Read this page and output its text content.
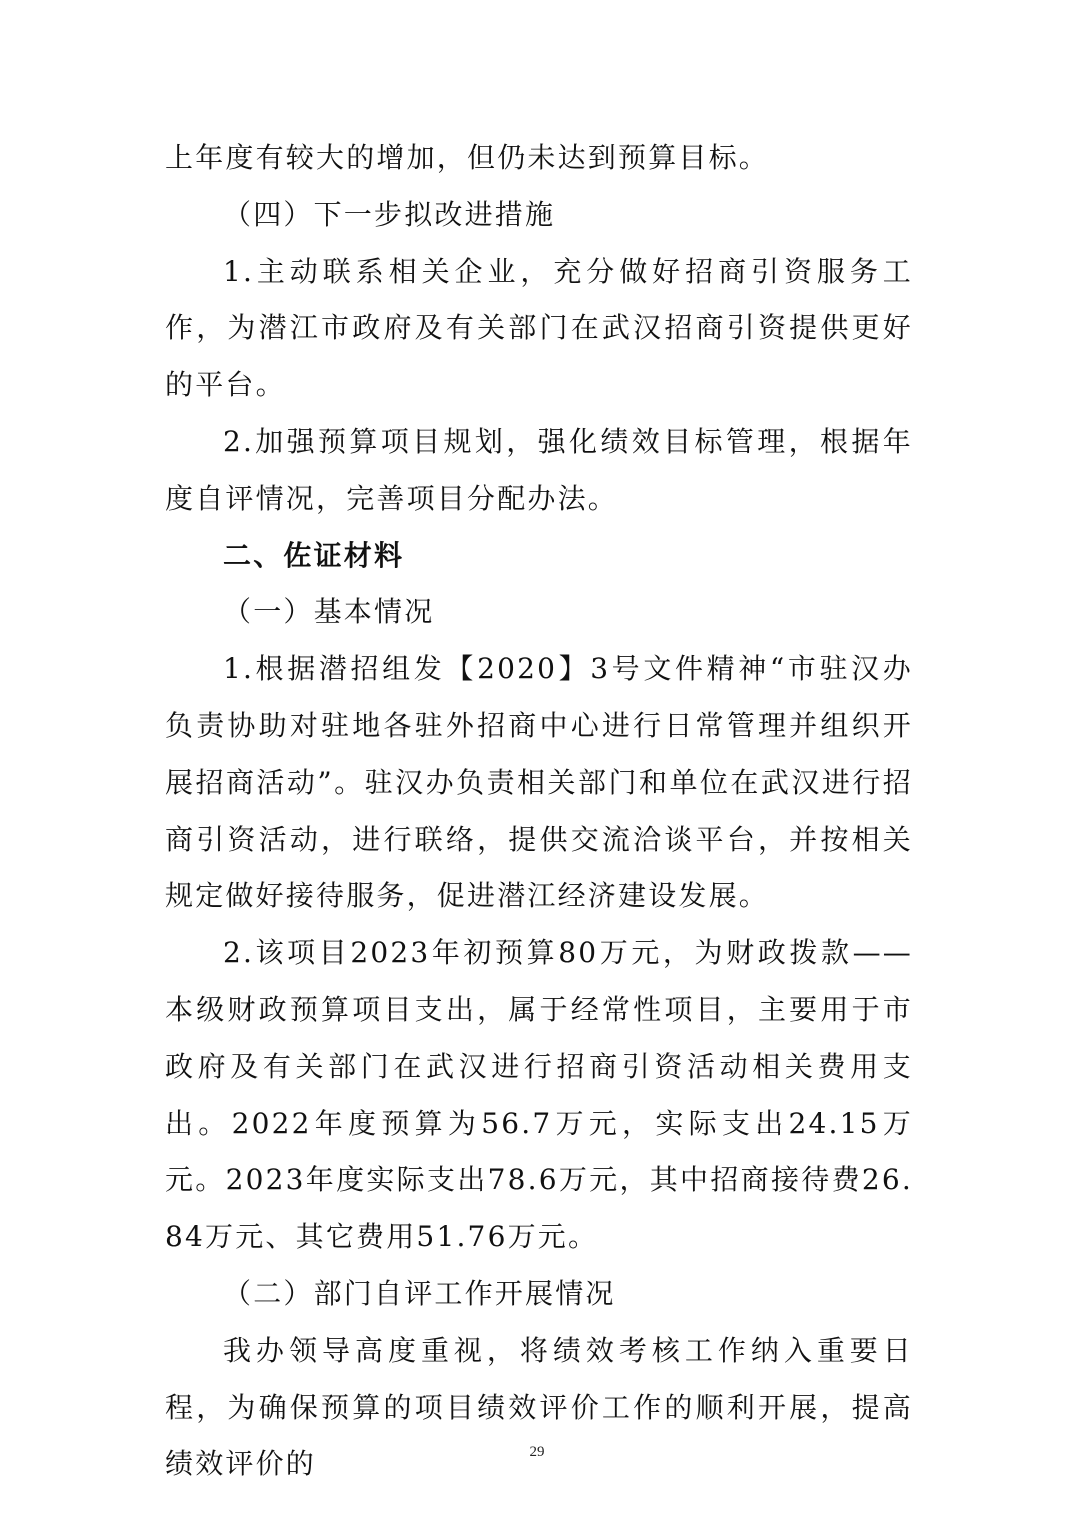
上年度有较大的增加，但仍未达到预算目标。

（四）下一步拟改进措施

1.主动联系相关企业，充分做好招商引资服务工作，为潜江市政府及有关部门在武汉招商引资提供更好的平台。

2.加强预算项目规划，强化绩效目标管理，根据年度自评情况，完善项目分配办法。

二、佐证材料

（一）基本情况

1.根据潜招组发【2020】3号文件精神“市驻汉办负责协助对驻地各驻外招商中心进行日常管理并组织开展招商活动”。驻汉办负责相关部门和单位在武汉进行招商引资活动，进行联络，提供交流洽谈平台，并按相关规定做好接待服务，促进潜江经济建设发展。

2.该项目2023年初预算80万元，为财政拨款——本级财政预算项目支出，属于经常性项目，主要用于市政府及有关部门在武汉进行招商引资活动相关费用支出。2022年度预算为56.7万元，实际支出24.15万元。2023年度实际支出78.6万元，其中招商接待费26.84万元、其它费用51.76万元。

（二）部门自评工作开展情况

我办领导高度重视，将绩效考核工作纳入重要日程，为确保预算的项目绩效评价工作的顺利开展，提高绩效评价的	29
